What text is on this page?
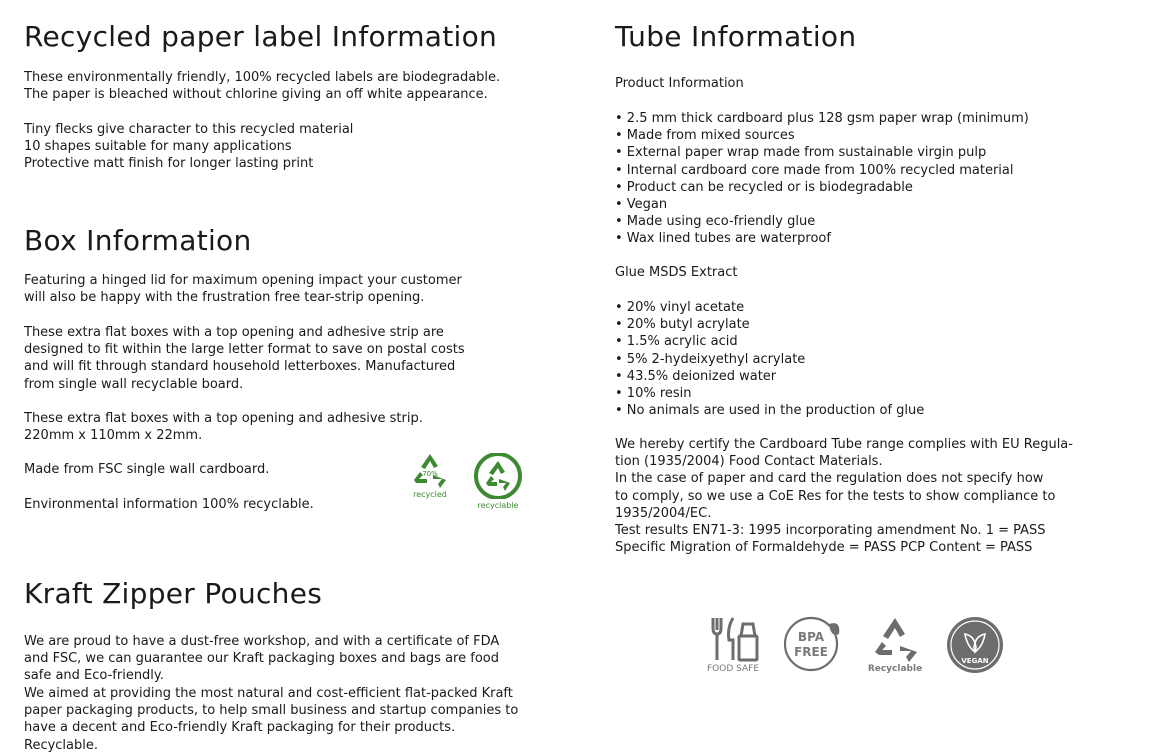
Recycled paper label Information

These environmentally friendly, 100% recycled labels are biodegradable.

The paper is bleached without chlorine giving an off white appearance.

Tiny flecks give character to this recycled material

10 shapes suitable for many applications

Protective matt finish for longer lasting print

Box Information

Featuring a hinged lid for maximum opening impact your customer

will also be happy with the frustration free tear-strip opening.

These extra flat boxes with a top opening and adhesive strip are

designed to fit within the large letter format to save on postal costs

and will fit through standard household letterboxes. Manufactured

from single wall recyclable board.

These extra flat boxes with a top opening and adhesive strip.

220mm x 110mm x 22mm.

Made from FSC single wall cardboard.
Environmental information 100% recyclable.
70%
recycled
recyclable
Kraft Zipper Pouches

We are proud to have a dust-free workshop, and with a certificate of FDA

and FSC, we can guarantee our Kraft packaging boxes and bags are food

safe and Eco-friendly.

We aimed at providing the most natural and cost-efficient flat-packed Kraft

paper packaging products, to help small business and startup companies to

have a decent and Eco-friendly Kraft packaging for their products.

Recyclable.

Tube Information
Product Information

• 2.5 mm thick cardboard plus 128 gsm paper wrap (minimum)

• Made from mixed sources

• External paper wrap made from sustainable virgin pulp

• Internal cardboard core made from 100% recycled material

• Product can be recycled or is biodegradable

• Vegan

• Made using eco-friendly glue

• Wax lined tubes are waterproof

Glue MSDS Extract

• 20% vinyl acetate

• 20% butyl acrylate

• 1.5% acrylic acid

• 5% 2-hydeixyethyl acrylate

• 43.5% deionized water

• 10% resin

• No animals are used in the production of glue

We hereby certify the Cardboard Tube range complies with EU Regula-

tion (1935/2004) Food Contact Materials.

In the case of paper and card the regulation does not specify how

to comply, so we use a CoE Res for the tests to show compliance to

1935/2004/EC.

Test results EN71-3: 1995 incorporating amendment No. 1 = PASS

Specific Migration of Formaldehyde = PASS PCP Content = PASS

FOOD SAFE
BPA
FREE
Recyclable
VEGAN
